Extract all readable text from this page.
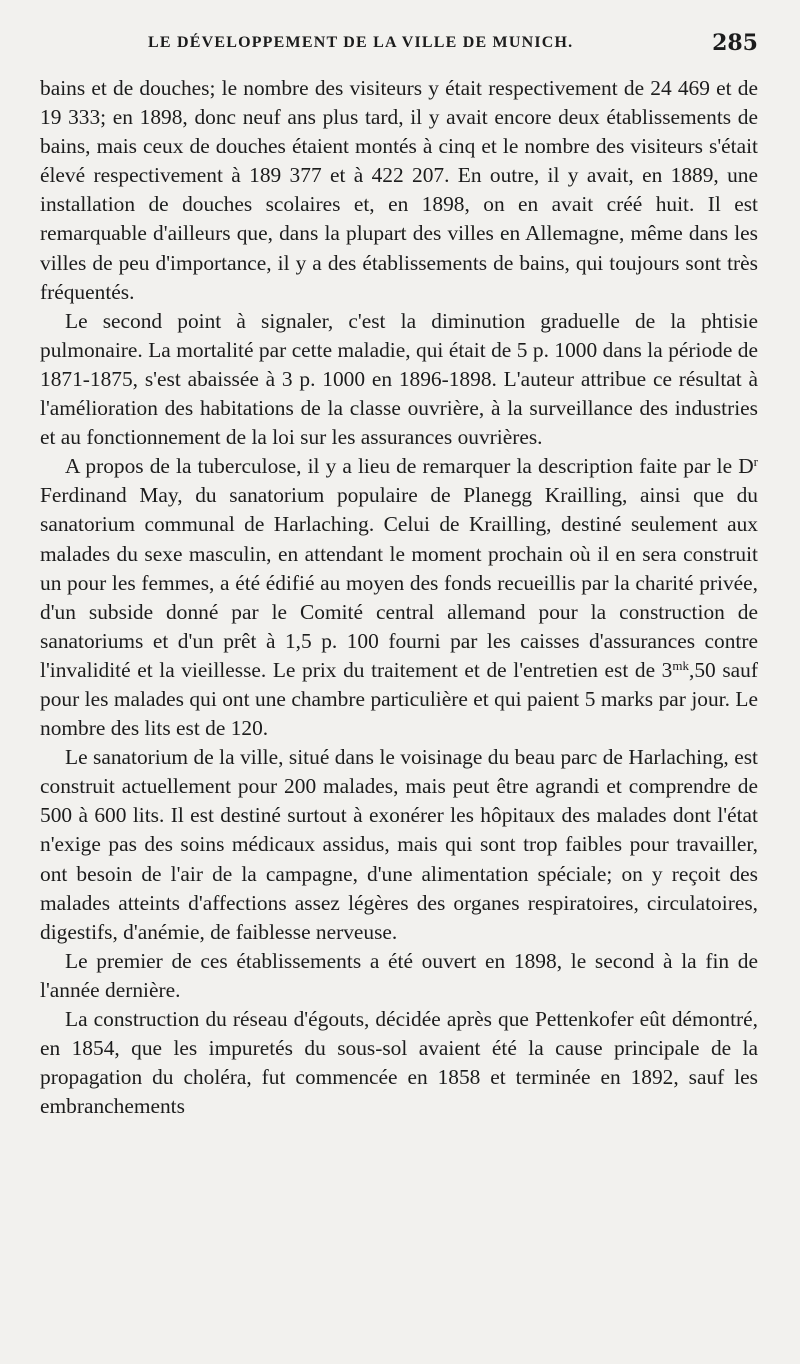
LE DÉVELOPPEMENT DE LA VILLE DE MUNICH.	285

bains et de douches; le nombre des visiteurs y était respectivement de 24 469 et de 19 333; en 1898, donc neuf ans plus tard, il y avait encore deux établissements de bains, mais ceux de douches étaient montés à cinq et le nombre des visiteurs s'était élevé respectivement à 189 377 et à 422 207. En outre, il y avait, en 1889, une installation de douches scolaires et, en 1898, on en avait créé huit. Il est remarquable d'ailleurs que, dans la plupart des villes en Allemagne, même dans les villes de peu d'importance, il y a des établissements de bains, qui toujours sont très fréquentés.

Le second point à signaler, c'est la diminution graduelle de la phtisie pulmonaire. La mortalité par cette maladie, qui était de 5 p. 1000 dans la période de 1871-1875, s'est abaissée à 3 p. 1000 en 1896-1898. L'auteur attribue ce résultat à l'amélioration des habitations de la classe ouvrière, à la surveillance des industries et au fonctionnement de la loi sur les assurances ouvrières.

A propos de la tuberculose, il y a lieu de remarquer la description faite par le $D^r$ Ferdinand May, du sanatorium populaire de Planegg Krailling, ainsi que du sanatorium communal de Harlaching. Celui de Krailling, destiné seulement aux malades du sexe masculin, en attendant le moment prochain où il en sera construit un pour les femmes, a été édifié au moyen des fonds recueillis par la charité privée, d'un subside donné par le Comité central allemand pour la construction de sanatoriums et d'un prêt à 1,5 p. 100 fourni par les caisses d'assurances contre l'invalidité et la vieillesse. Le prix du traitement et de l'entretien est de $3^{mk},50$ sauf pour les malades qui ont une chambre particulière et qui paient 5 marks par jour. Le nombre des lits est de 120.

Le sanatorium de la ville, situé dans le voisinage du beau parc de Harlaching, est construit actuellement pour 200 malades, mais peut être agrandi et comprendre de 500 à 600 lits. Il est destiné surtout à exonérer les hôpitaux des malades dont l'état n'exige pas des soins médicaux assidus, mais qui sont trop faibles pour travailler, ont besoin de l'air de la campagne, d'une alimentation spéciale; on y reçoit des malades atteints d'affections assez légères des organes respiratoires, circulatoires, digestifs, d'anémie, de faiblesse nerveuse.

Le premier de ces établissements a été ouvert en 1898, le second à la fin de l'année dernière.

La construction du réseau d'égouts, décidée après que Pettenkofer eût démontré, en 1854, que les impuretés du sous-sol avaient été la cause principale de la propagation du choléra, fut commencée en 1858 et terminée en 1892, sauf les embranchements
